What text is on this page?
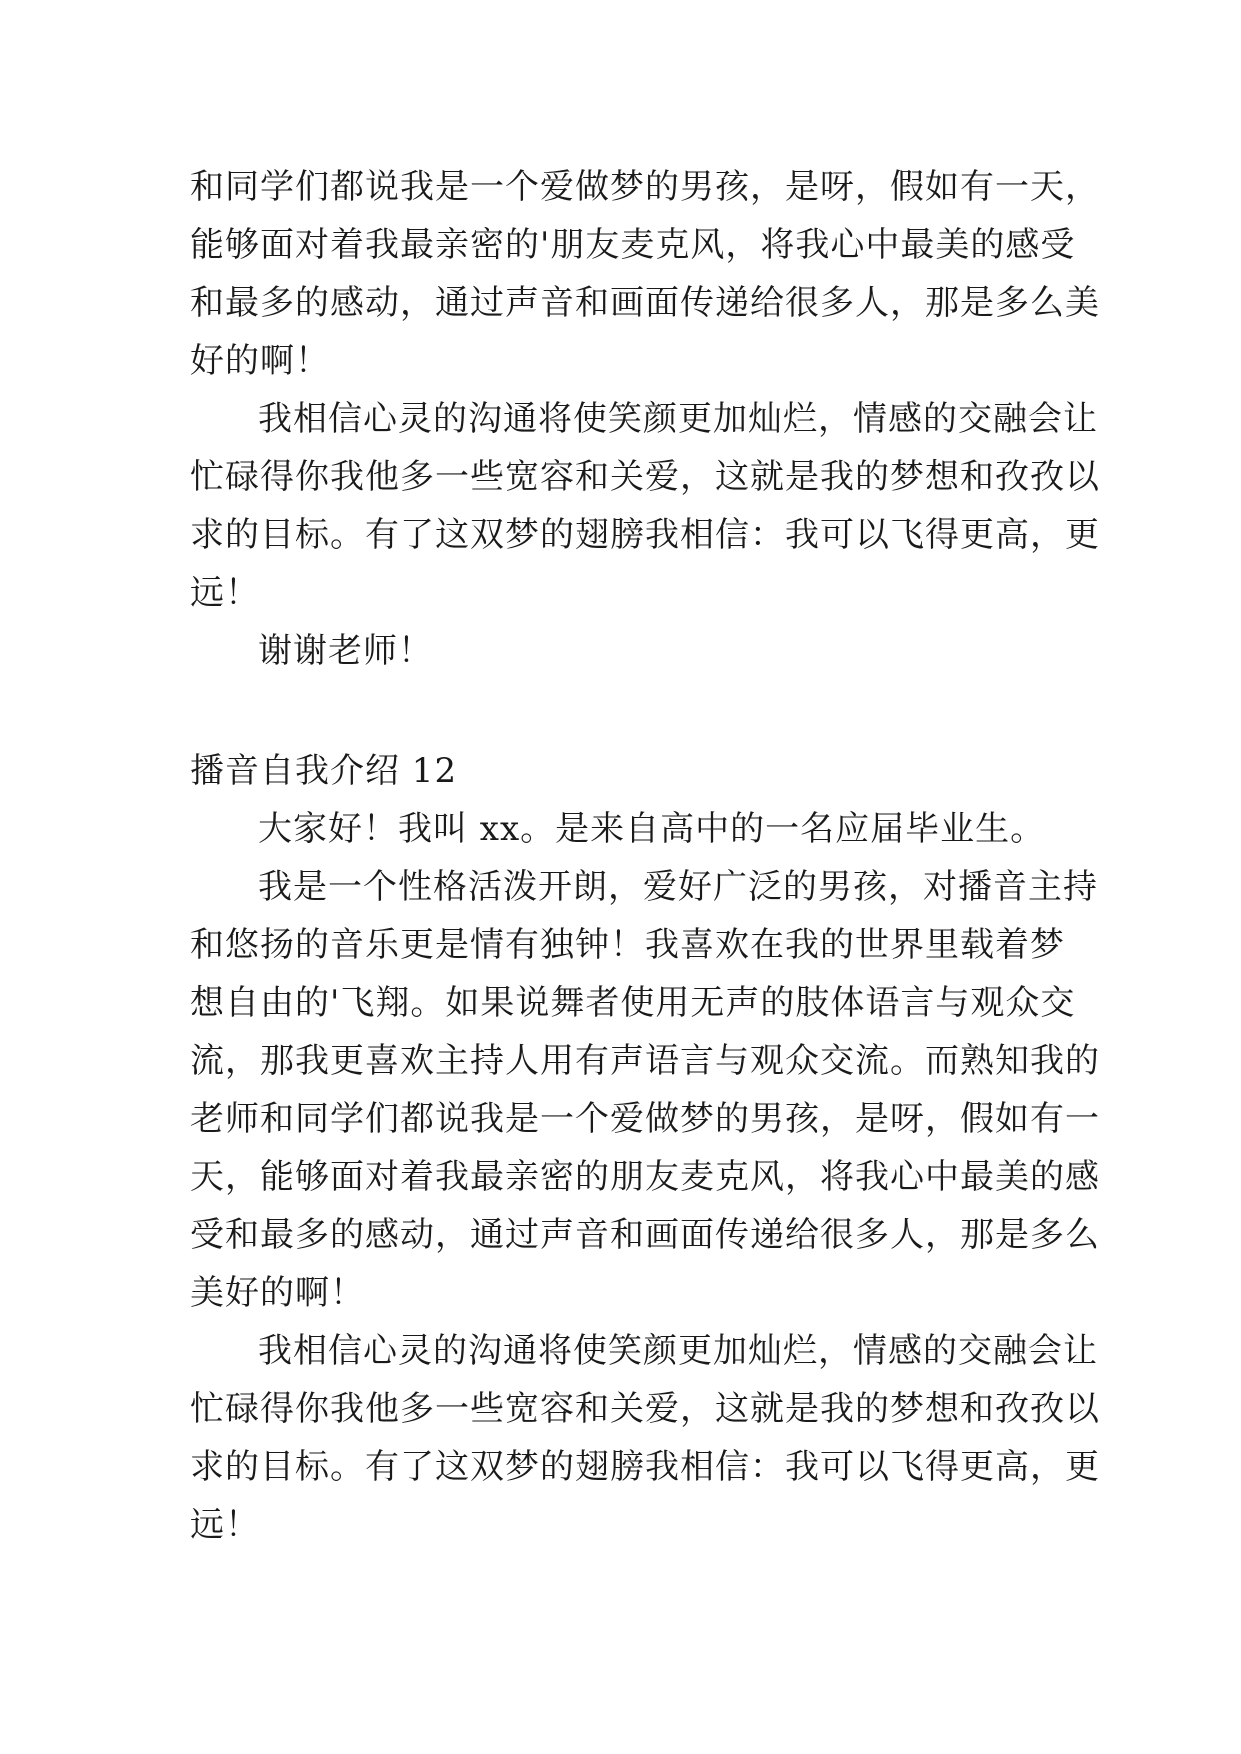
和同学们都说我是一个爱做梦的男孩，是呀，假如有一天，
能够面对着我最亲密的'朋友麦克风，将我心中最美的感受
和最多的感动，通过声音和画面传递给很多人，那是多么美
好的啊！
我相信心灵的沟通将使笑颜更加灿烂，情感的交融会让
忙碌得你我他多一些宽容和关爱，这就是我的梦想和孜孜以
求的目标。有了这双梦的翅膀我相信：我可以飞得更高，更
远！
谢谢老师！
播音自我介绍 12
大家好！我叫 xx。是来自高中的一名应届毕业生。
我是一个性格活泼开朗，爱好广泛的男孩，对播音主持
和悠扬的音乐更是情有独钟！我喜欢在我的世界里载着梦
想自由的'飞翔。如果说舞者使用无声的肢体语言与观众交
流，那我更喜欢主持人用有声语言与观众交流。而熟知我的
老师和同学们都说我是一个爱做梦的男孩，是呀，假如有一
天，能够面对着我最亲密的朋友麦克风，将我心中最美的感
受和最多的感动，通过声音和画面传递给很多人，那是多么
美好的啊！
我相信心灵的沟通将使笑颜更加灿烂，情感的交融会让
忙碌得你我他多一些宽容和关爱，这就是我的梦想和孜孜以
求的目标。有了这双梦的翅膀我相信：我可以飞得更高，更
远！
